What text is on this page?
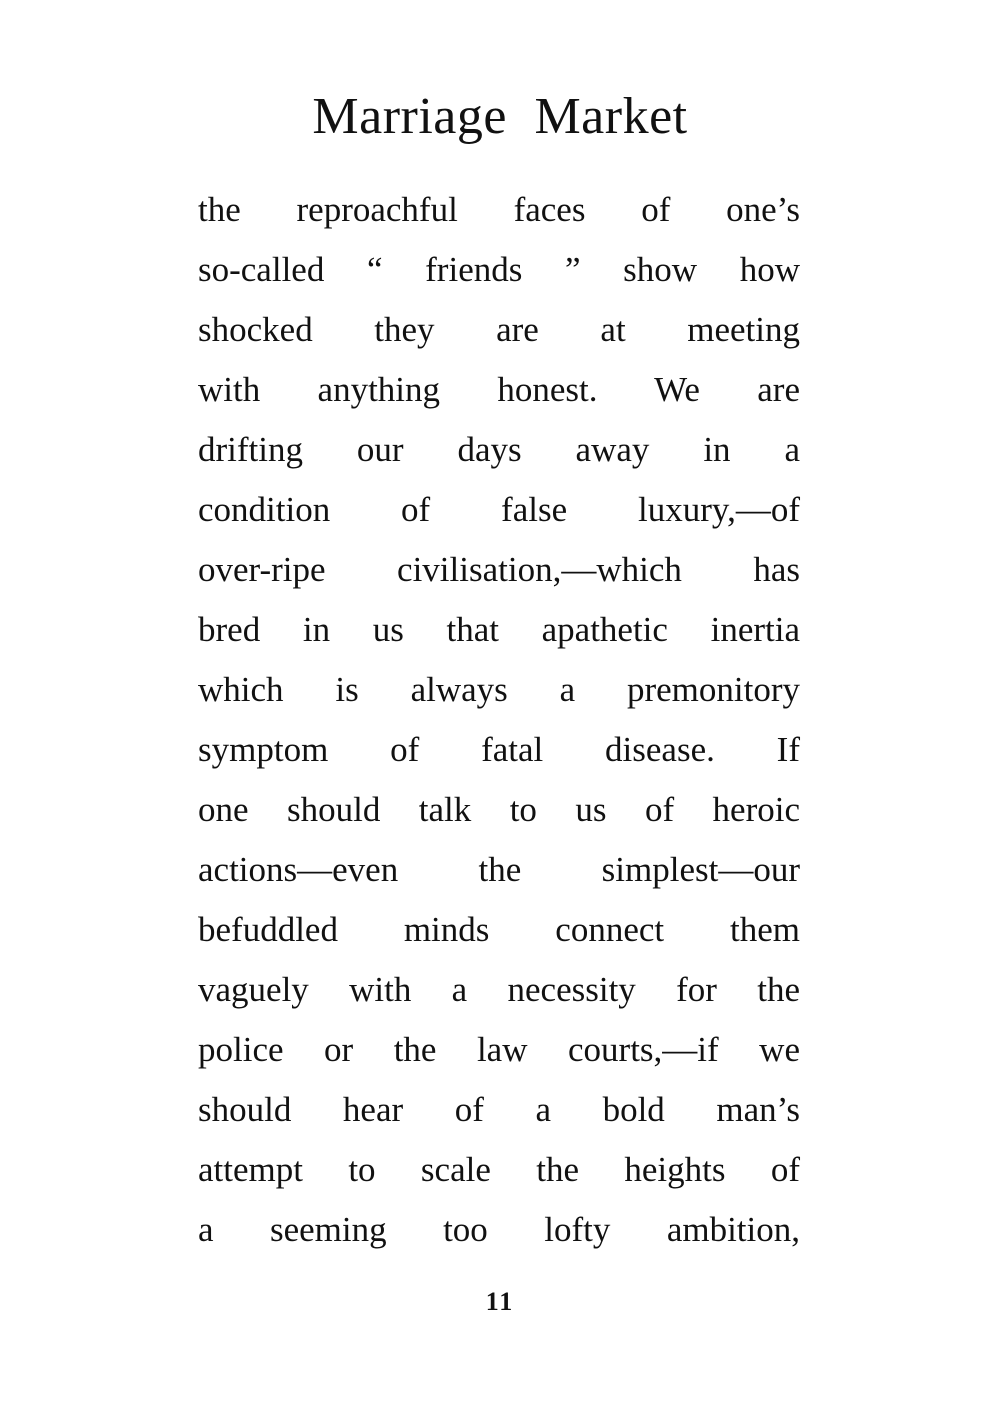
Marriage Market
the reproachful faces of one’s
so-called “ friends ” show how
shocked they are at meeting
with anything honest. We are
drifting our days away in a
condition of false luxury,—of
over-ripe civilisation,—which has
bred in us that apathetic inertia
which is always a premonitory
symptom of fatal disease. If
one should talk to us of heroic
actions—even the simplest—our
befuddled minds connect them
vaguely with a necessity for the
police or the law courts,—if we
should hear of a bold man’s
attempt to scale the heights of
a seeming too lofty ambition,
11
